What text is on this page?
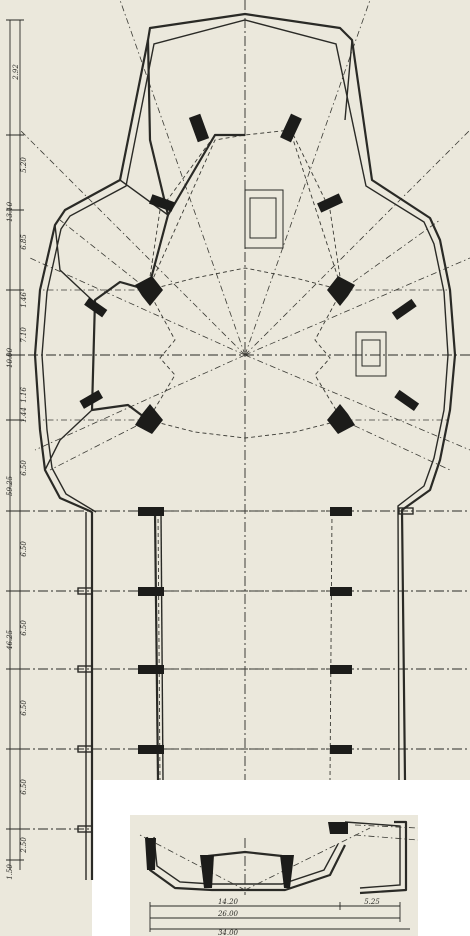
2.92
5.20
13.10
6.85
1.46
7.10
10.00
1.16
1.44
6.50
59.25
6.50
6.50
46.25
6.50
6.50
2.50
1.50
14.20	5.25
26.00
34.00
